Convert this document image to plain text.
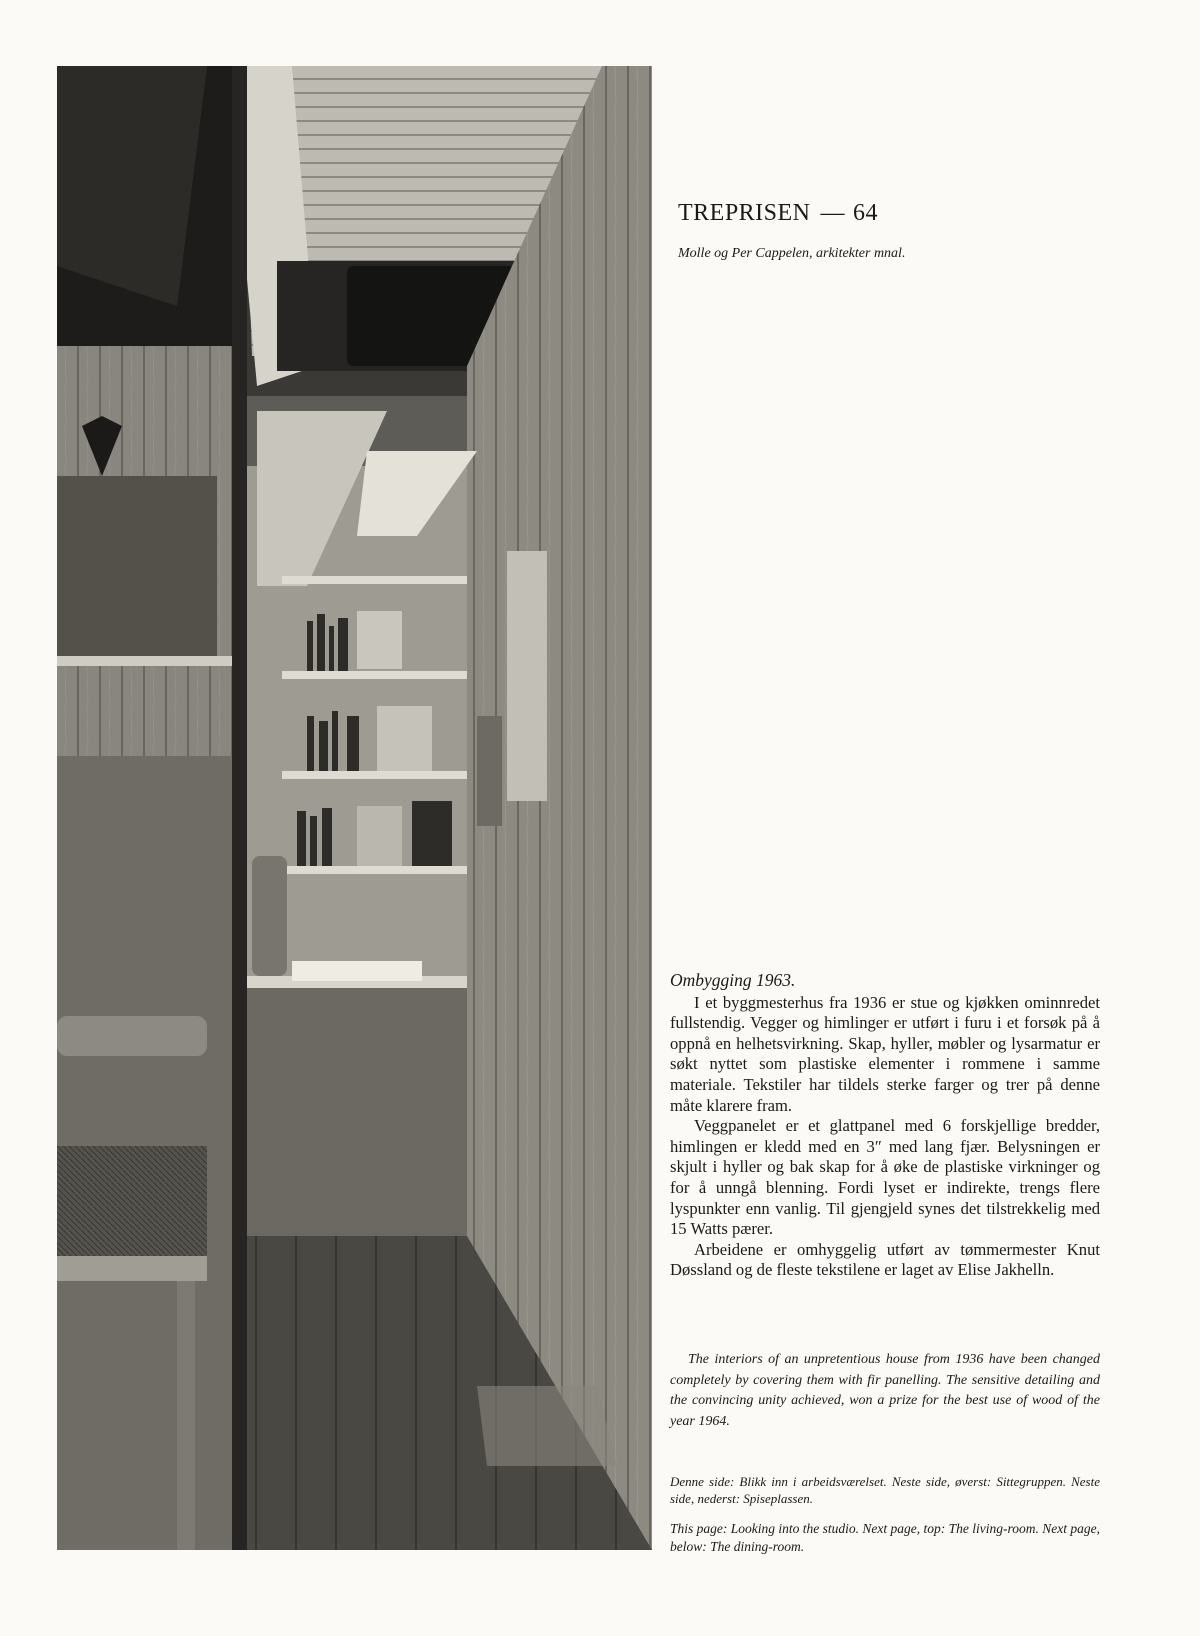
TREPRISEN — 64
Molle og Per Cappelen, arkitekter mnal.
Ombygging 1963.

I et byggmesterhus fra 1936 er stue og kjøkken ominnredet fullstendig. Vegger og himlinger er utført i furu i et forsøk på å oppnå en helhetsvirkning. Skap, hyller, møbler og lysarmatur er søkt nyttet som plastiske elementer i rommene i samme materiale. Tekstiler har tildels sterke farger og trer på denne måte klarere fram.

Veggpanelet er et glattpanel med 6 forskjellige bredder, himlingen er kledd med en 3″ med lang fjær. Belysningen er skjult i hyller og bak skap for å øke de plastiske virkninger og for å unngå blenning. Fordi lyset er indirekte, trengs flere lyspunkter enn vanlig. Til gjengjeld synes det tilstrekkelig med 15 Watts pærer.

Arbeidene er omhyggelig utført av tømmermester Knut Døssland og de fleste tekstilene er laget av Elise Jakhelln.

The interiors of an unpretentious house from 1936 have been changed completely by covering them with fir panelling. The sensitive detailing and the convincing unity achieved, won a prize for the best use of wood of the year 1964.

Denne side: Blikk inn i arbeidsværelset. Neste side, øverst: Sittegruppen. Neste side, nederst: Spiseplassen.

This page: Looking into the studio. Next page, top: The living-room. Next page, below: The dining-room.
